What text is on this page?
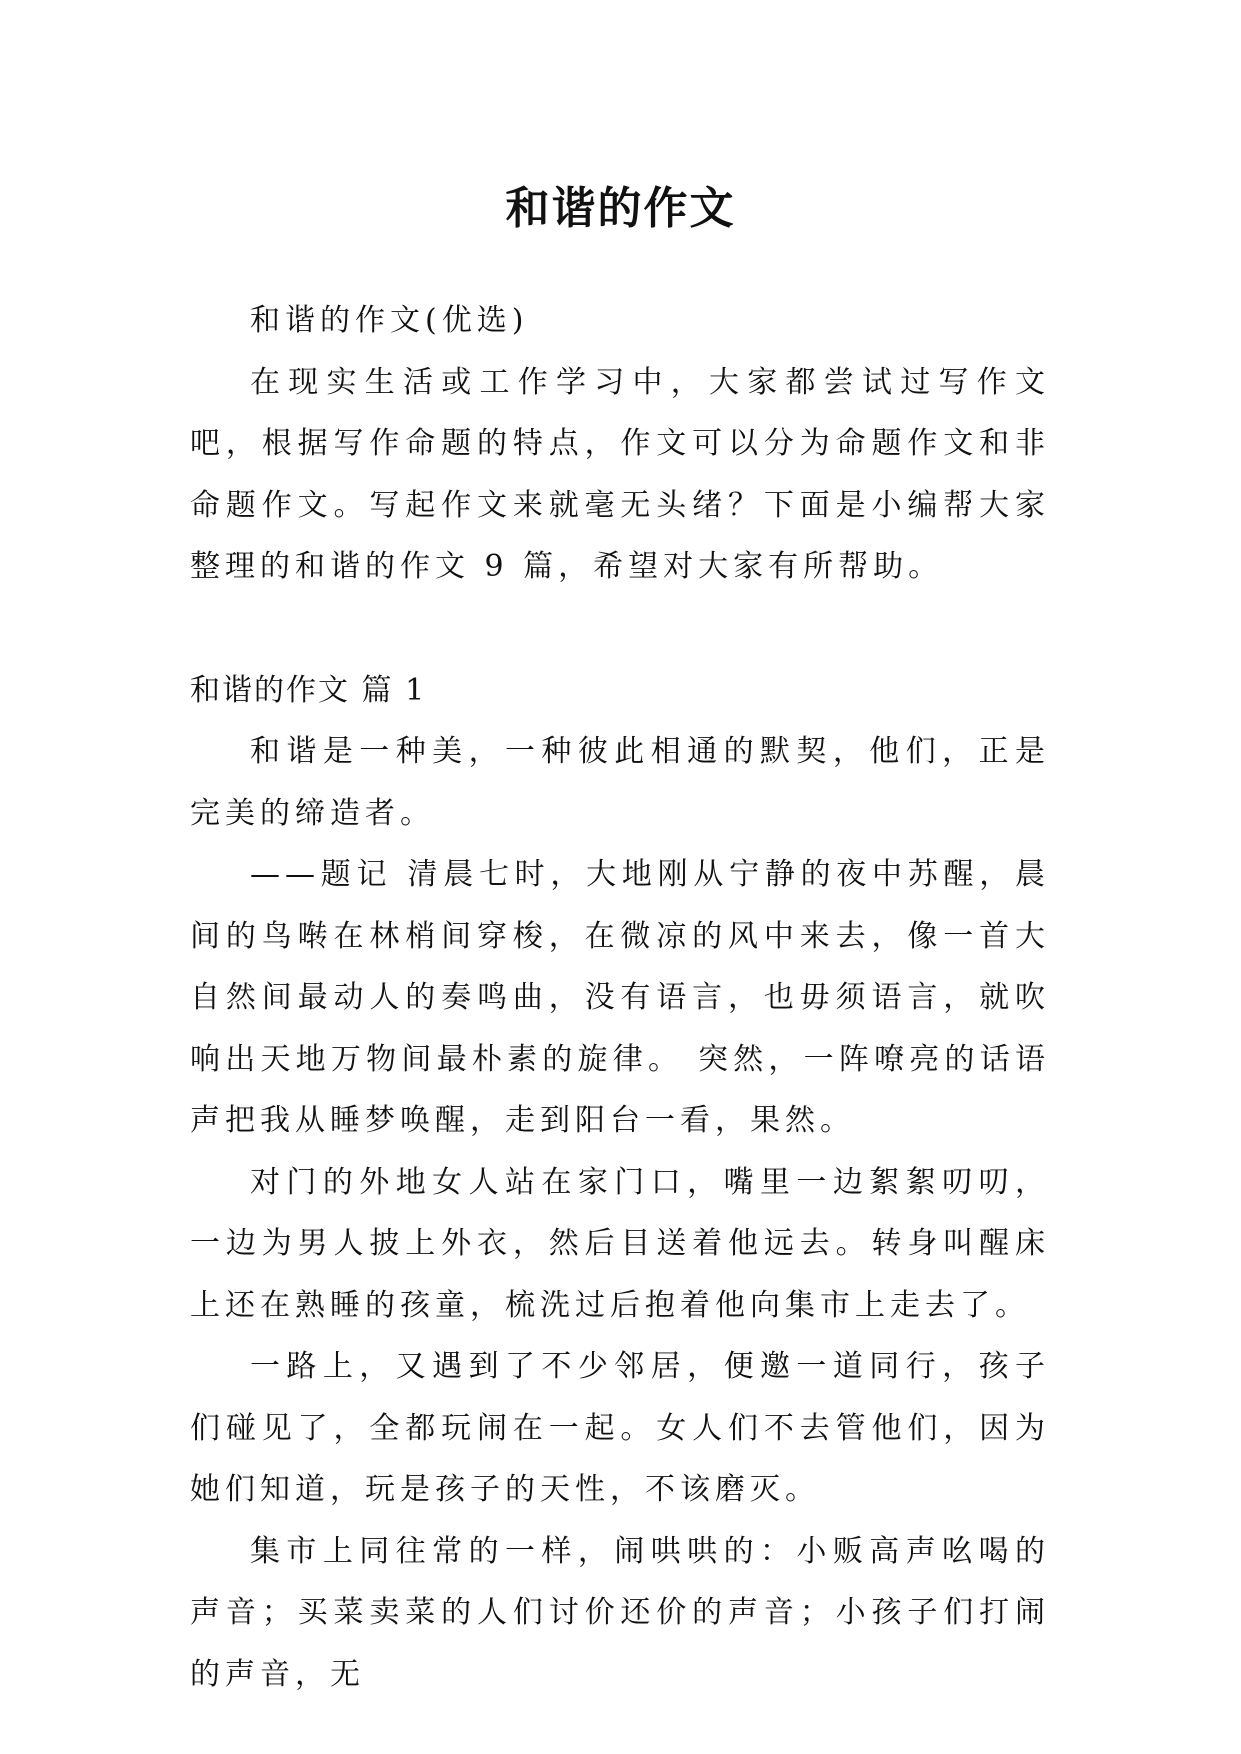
和谐的作文

和谐的作文(优选)

在现实生活或工作学习中，大家都尝试过写作文吧，根据写作命题的特点，作文可以分为命题作文和非命题作文。写起作文来就毫无头绪？下面是小编帮大家整理的和谐的作文 9 篇，希望对大家有所帮助。

和谐的作文 篇 1

和谐是一种美，一种彼此相通的默契，他们，正是完美的缔造者。

——题记 清晨七时，大地刚从宁静的夜中苏醒，晨间的鸟啭在林梢间穿梭，在微凉的风中来去，像一首大自然间最动人的奏鸣曲，没有语言，也毋须语言，就吹响出天地万物间最朴素的旋律。 突然，一阵嘹亮的话语声把我从睡梦唤醒，走到阳台一看，果然。

对门的外地女人站在家门口，嘴里一边絮絮叨叨，一边为男人披上外衣，然后目送着他远去。转身叫醒床上还在熟睡的孩童，梳洗过后抱着他向集市上走去了。

一路上，又遇到了不少邻居，便邀一道同行，孩子们碰见了，全都玩闹在一起。女人们不去管他们，因为她们知道，玩是孩子的天性，不该磨灭。

集市上同往常的一样，闹哄哄的：小贩高声吆喝的声音；买菜卖菜的人们讨价还价的声音；小孩子们打闹的声音，无
